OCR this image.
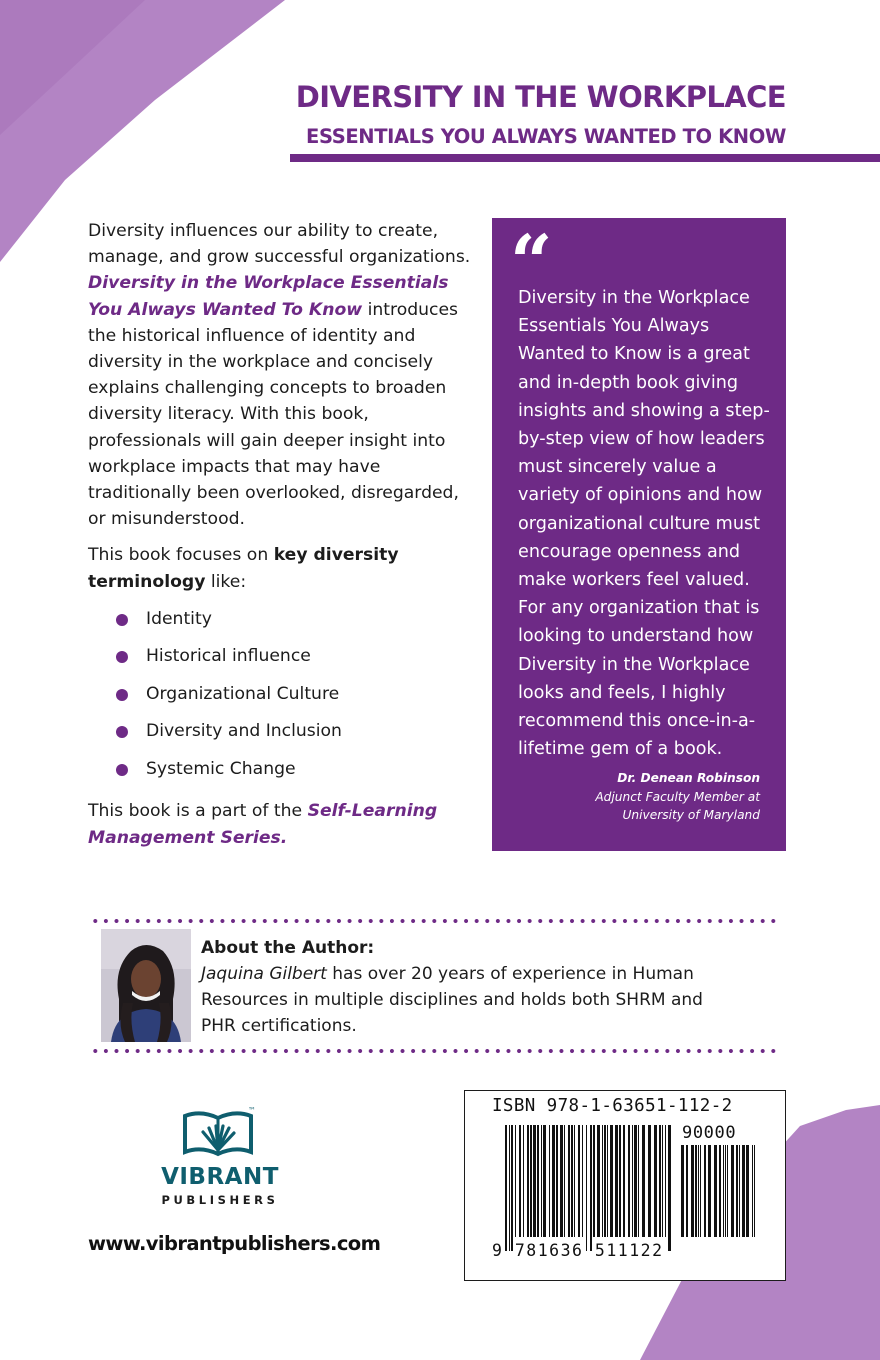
DIVERSITY IN THE WORKPLACE
ESSENTIALS YOU ALWAYS WANTED TO KNOW

Diversity influences our ability to create, manage, and grow successful organizations. Diversity in the Workplace Essentials You Always Wanted To Know introduces the historical influence of identity and diversity in the workplace and concisely explains challenging concepts to broaden diversity literacy. With this book, professionals will gain deeper insight into workplace impacts that may have traditionally been overlooked, disregarded, or misunderstood.

This book focuses on key diversity terminology like:

Identity
Historical influence
Organizational Culture
Diversity and Inclusion
Systemic Change

This book is a part of the Self-Learning Management Series.

“

Diversity in the Workplace Essentials You Always Wanted to Know is a great and in-depth book giving insights and showing a step-by-step view of how leaders must sincerely value a variety of opinions and how organizational culture must encourage openness and make workers feel valued. For any organization that is looking to understand how Diversity in the Workplace looks and feels, I highly recommend this once-in-a-lifetime gem of a book.

Dr. Denean Robinson
Adjunct Faculty Member at
University of Maryland
About the Author:
Jaquina Gilbert has over 20 years of experience in Human Resources in multiple disciplines and holds both SHRM and PHR certifications.
™
VIBRANT
PUBLISHERS
www.vibrantpublishers.com
ISBN 978-1-63651-112-2
90000
9 781636 511122
